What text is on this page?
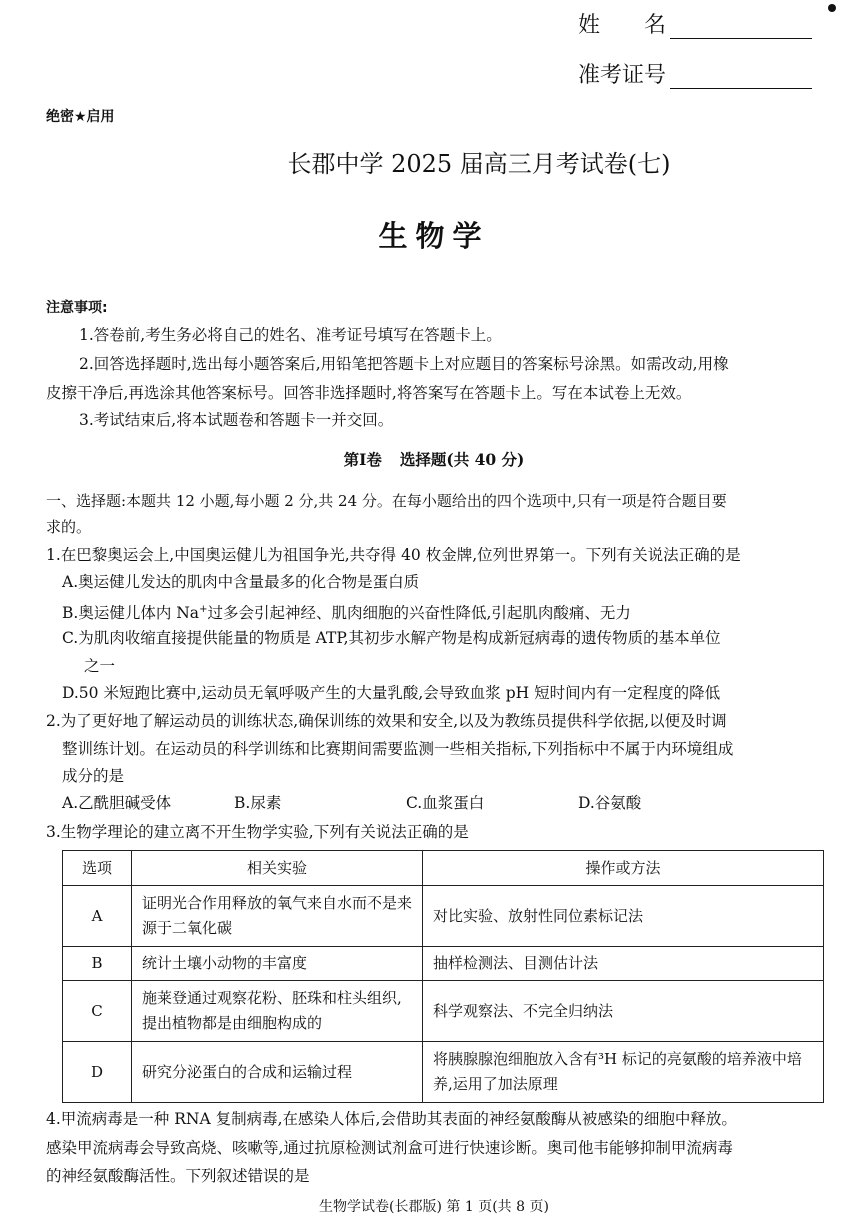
姓　　名
准考证号
绝密★启用
长郡中学 2025 届高三月考试卷(七)
生物学
注意事项:
1.答卷前,考生务必将自己的姓名、准考证号填写在答题卡上。
2.回答选择题时,选出每小题答案后,用铅笔把答题卡上对应题目的答案标号涂黑。如需改动,用橡
皮擦干净后,再选涂其他答案标号。回答非选择题时,将答案写在答题卡上。写在本试卷上无效。
3.考试结束后,将本试题卷和答题卡一并交回。
第Ⅰ卷 选择题(共 40 分)
一、选择题:本题共 12 小题,每小题 2 分,共 24 分。在每小题给出的四个选项中,只有一项是符合题目要
求的。
1.在巴黎奥运会上,中国奥运健儿为祖国争光,共夺得 40 枚金牌,位列世界第一。下列有关说法正确的是
A.奥运健儿发达的肌肉中含量最多的化合物是蛋白质
B.奥运健儿体内 Na+过多会引起神经、肌肉细胞的兴奋性降低,引起肌肉酸痛、无力
C.为肌肉收缩直接提供能量的物质是 ATP,其初步水解产物是构成新冠病毒的遗传物质的基本单位
之一
D.50 米短跑比赛中,运动员无氧呼吸产生的大量乳酸,会导致血浆 pH 短时间内有一定程度的降低
2.为了更好地了解运动员的训练状态,确保训练的效果和安全,以及为教练员提供科学依据,以便及时调
整训练计划。在运动员的科学训练和比赛期间需要监测一些相关指标,下列指标中不属于内环境组成
成分的是
A.乙酰胆碱受体	B.尿素	C.血浆蛋白	D.谷氨酸
3.生物学理论的建立离不开生物学实验,下列有关说法正确的是
选项	相关实验	操作或方法
A	证明光合作用释放的氧气来自水而不是来源于二氧化碳	对比实验、放射性同位素标记法
B	统计土壤小动物的丰富度	抽样检测法、目测估计法
C	施莱登通过观察花粉、胚珠和柱头组织,提出植物都是由细胞构成的	科学观察法、不完全归纳法
D	研究分泌蛋白的合成和运输过程	将胰腺腺泡细胞放入含有³H 标记的亮氨酸的培养液中培养,运用了加法原理
4.甲流病毒是一种 RNA 复制病毒,在感染人体后,会借助其表面的神经氨酸酶从被感染的细胞中释放。
感染甲流病毒会导致高烧、咳嗽等,通过抗原检测试剂盒可进行快速诊断。奥司他韦能够抑制甲流病毒
的神经氨酸酶活性。下列叙述错误的是
生物学试卷(长郡版) 第 1 页(共 8 页)
